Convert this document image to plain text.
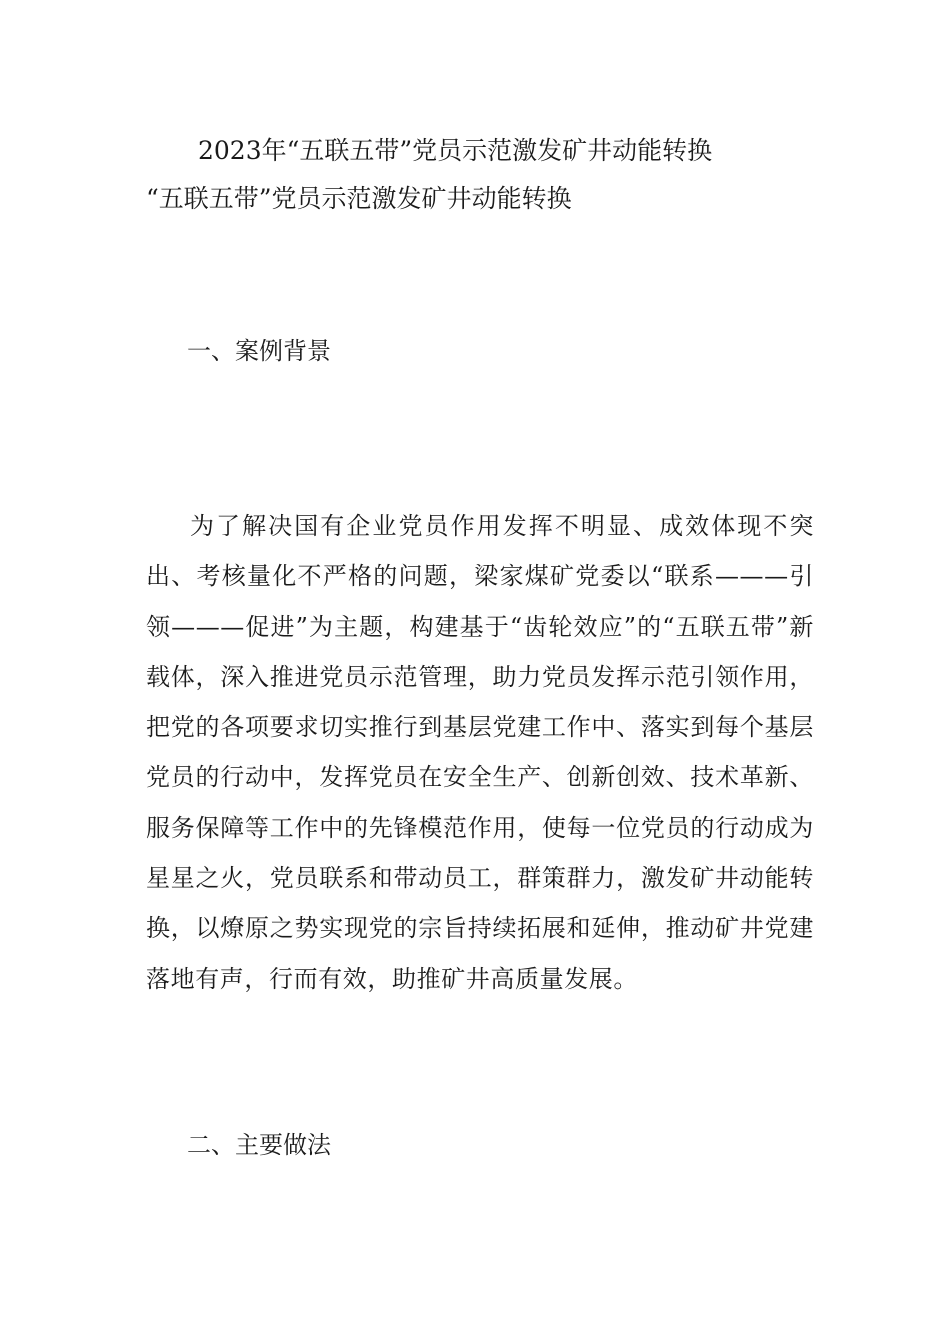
2023年“五联五带”党员示范激发矿井动能转换
“五联五带”党员示范激发矿井动能转换
一、案例背景

为了解决国有企业党员作用发挥不明显、成效体现不突出、考核量化不严格的问题，梁家煤矿党委以“联系———引领———促进”为主题，构建基于“齿轮效应”的“五联五带”新载体，深入推进党员示范管理，助力党员发挥示范引领作用，把党的各项要求切实推行到基层党建工作中、落实到每个基层党员的行动中，发挥党员在安全生产、创新创效、技术革新、服务保障等工作中的先锋模范作用，使每一位党员的行动成为星星之火，党员联系和带动员工，群策群力，激发矿井动能转换，以燎原之势实现党的宗旨持续拓展和延伸，推动矿井党建落地有声，行而有效，助推矿井高质量发展。

二、主要做法
